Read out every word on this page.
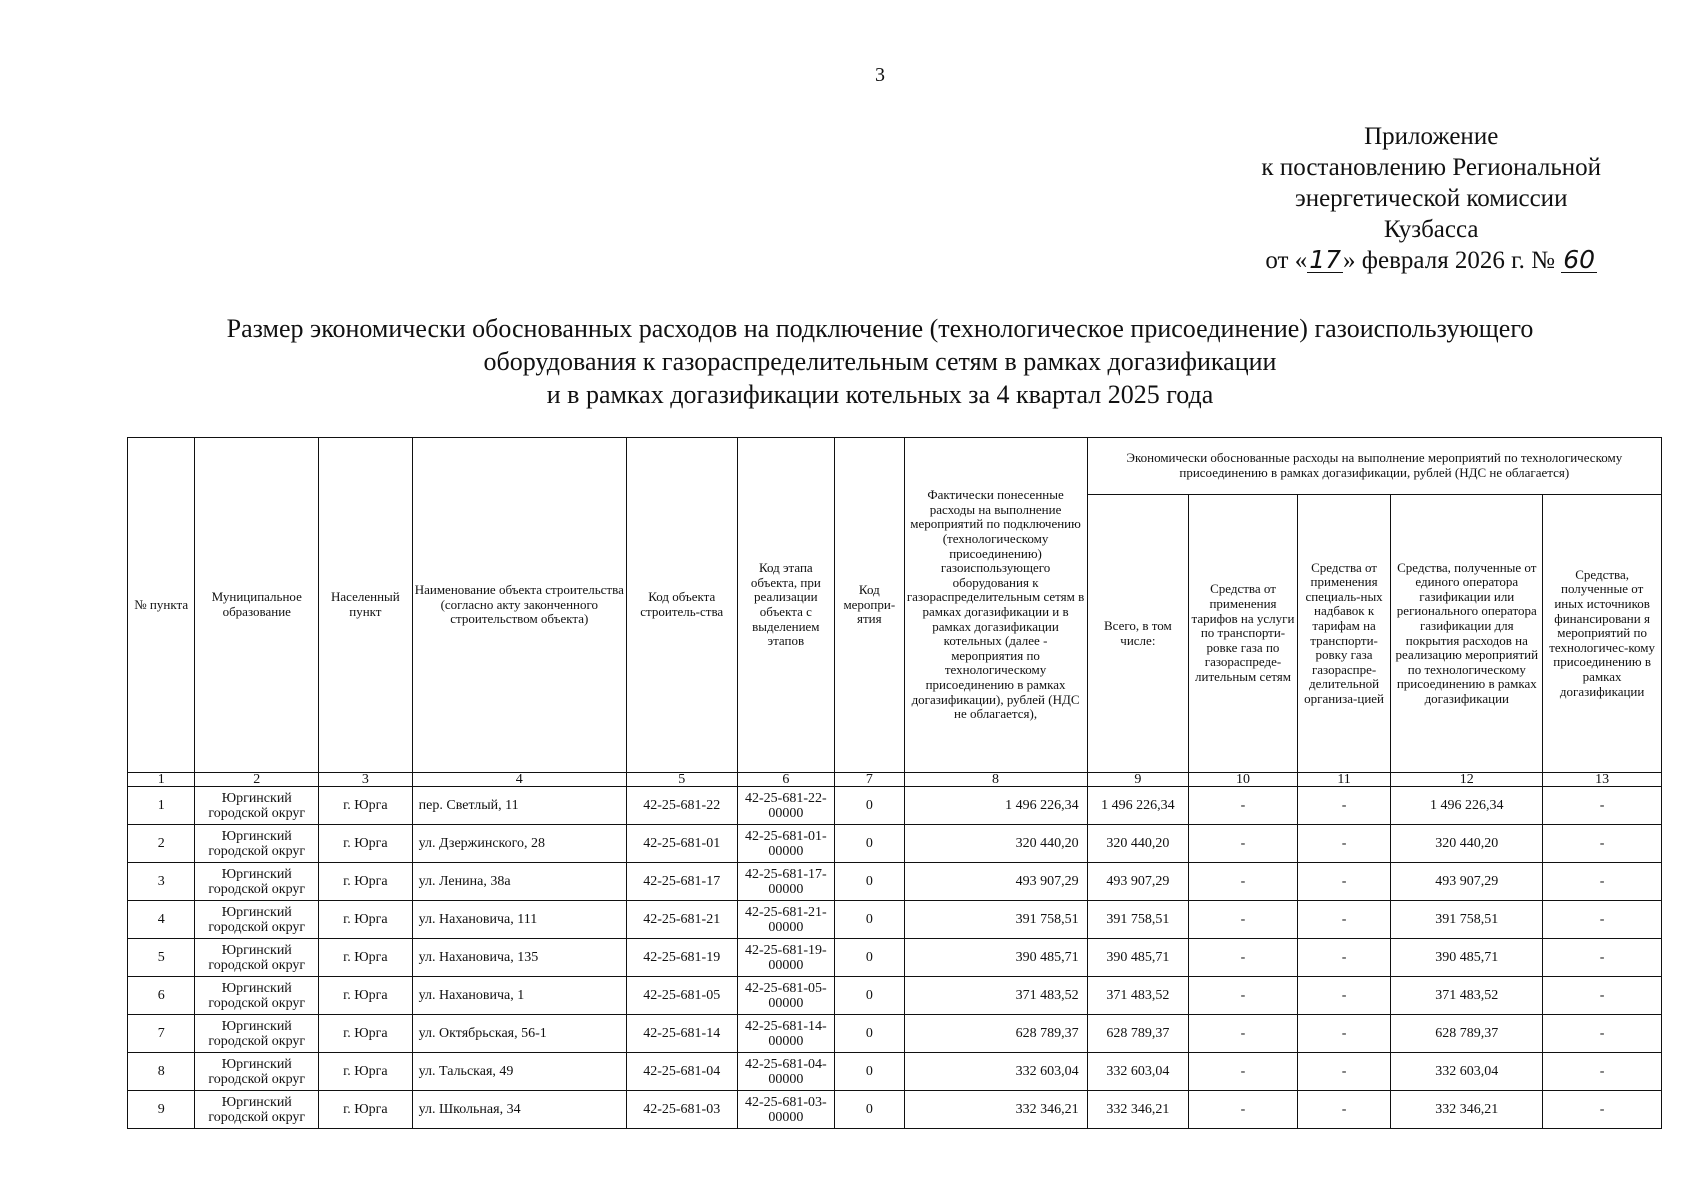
3
Приложение
к постановлению Региональной
энергетической комиссии
Кузбасса
от «17» февраля 2026 г. № 60
Размер экономически обоснованных расходов на подключение (технологическое присоединение) газоиспользующего
оборудования к газораспределительным сетям в рамках догазификации
и в рамках догазификации котельных за 4 квартал 2025 года
№ пункта	Муниципальное образование	Населенный пункт	Наименование объекта строительства (согласно акту законченного строительством объекта)	Код объекта строитель-ства	Код этапа объекта, при реализации объекта с выделением этапов	Код меропри-ятия	Фактически понесенные расходы на выполнение мероприятий по подключению (технологическому присоединению) газоиспользующего оборудования к газораспределительным сетям в рамках догазификации и в рамках догазификации котельных (далее - мероприятия по технологическому присоединению в рамках догазификации), рублей (НДС не облагается),	Экономически обоснованные расходы на выполнение мероприятий по технологическому присоединению в рамках догазификации, рублей (НДС не облагается)				
								Всего, в том числе:	Средства от применения тарифов на услуги по транспорти-ровке газа по газораспреде-лительным сетям	Средства от применения специаль-ных надбавок к тарифам на транспорти-ровку газа газораспре-делительной организа-цией	Средства, полученные от единого оператора газификации или регионального оператора газификации для покрытия расходов на реализацию мероприятий по технологическому присоединению в рамках догазификации	Средства, полученные от иных источников финансировани я мероприятий по технологичес-кому присоединению в рамках догазификации
1	2	3	4	5	6	7	8	9	10	11	12	13
1	Юргинский городской округ	г. Юрга	пер. Светлый, 11	42-25-681-22	42-25-681-22-00000	0	1 496 226,34	1 496 226,34	-	-	1 496 226,34	-
2	Юргинский городской округ	г. Юрга	ул. Дзержинского, 28	42-25-681-01	42-25-681-01-00000	0	320 440,20	320 440,20	-	-	320 440,20	-
3	Юргинский городской округ	г. Юрга	ул. Ленина, 38а	42-25-681-17	42-25-681-17-00000	0	493 907,29	493 907,29	-	-	493 907,29	-
4	Юргинский городской округ	г. Юрга	ул. Нахановича, 111	42-25-681-21	42-25-681-21-00000	0	391 758,51	391 758,51	-	-	391 758,51	-
5	Юргинский городской округ	г. Юрга	ул. Нахановича, 135	42-25-681-19	42-25-681-19-00000	0	390 485,71	390 485,71	-	-	390 485,71	-
6	Юргинский городской округ	г. Юрга	ул. Нахановича, 1	42-25-681-05	42-25-681-05-00000	0	371 483,52	371 483,52	-	-	371 483,52	-
7	Юргинский городской округ	г. Юрга	ул. Октябрьская, 56-1	42-25-681-14	42-25-681-14-00000	0	628 789,37	628 789,37	-	-	628 789,37	-
8	Юргинский городской округ	г. Юрга	ул. Тальская, 49	42-25-681-04	42-25-681-04-00000	0	332 603,04	332 603,04	-	-	332 603,04	-
9	Юргинский городской округ	г. Юрга	ул. Школьная, 34	42-25-681-03	42-25-681-03-00000	0	332 346,21	332 346,21	-	-	332 346,21	-
